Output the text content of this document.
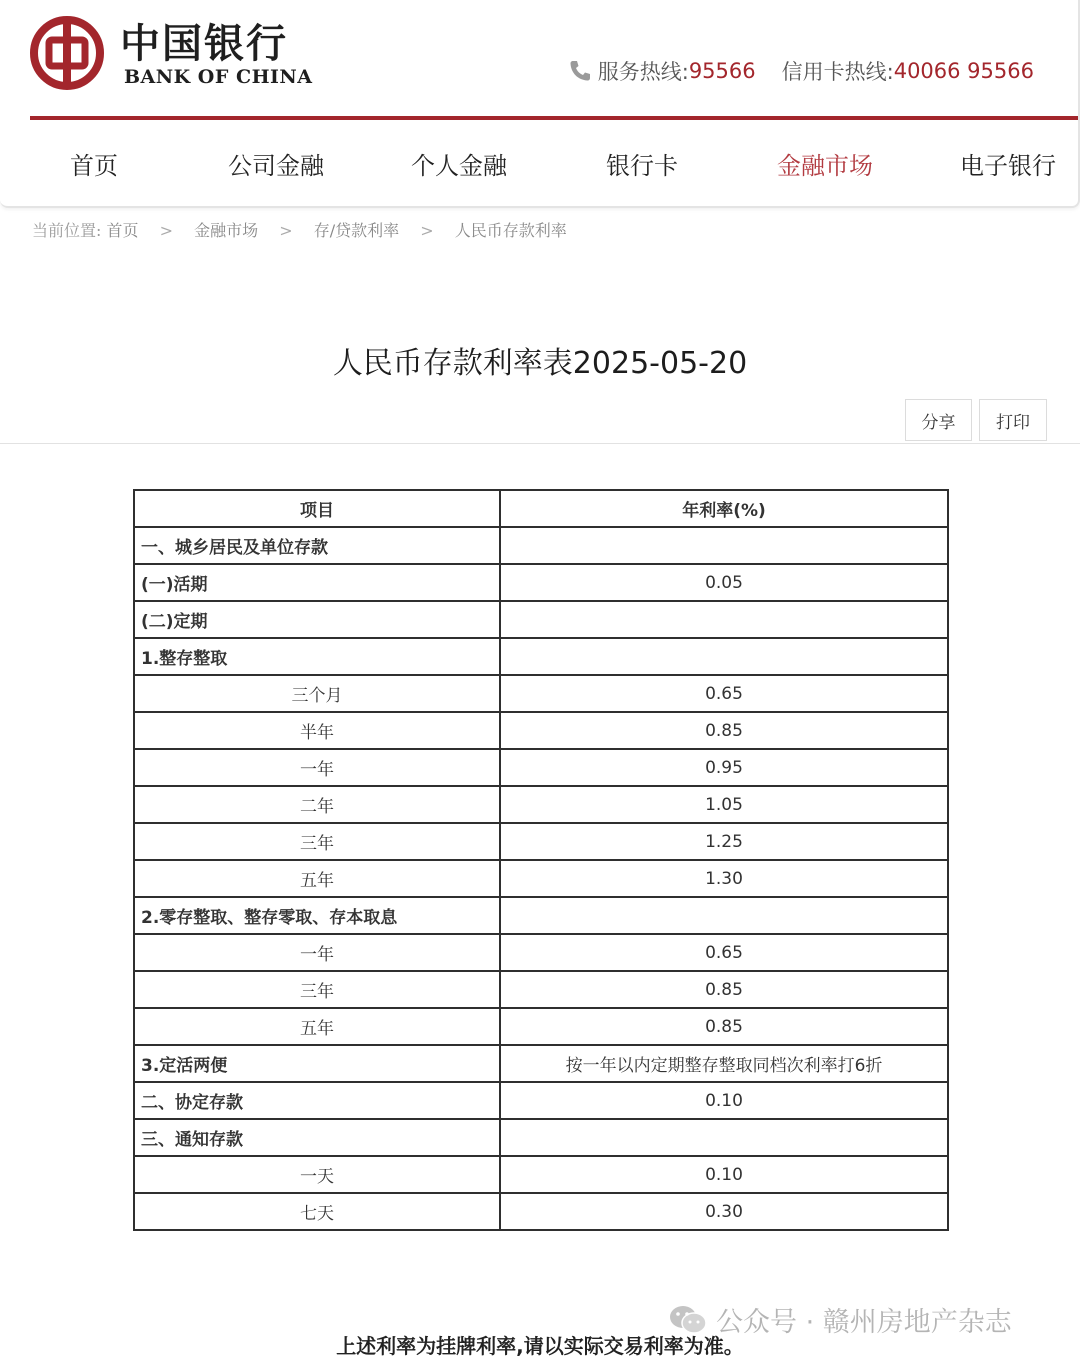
中国银行
BANK OF CHINA	服务热线: 95566 信用卡热线: 40066 95566
首页	公司金融	个人金融	银行卡	金融市场	电子银行
当前位置: 首页 > 金融市场 > 存/贷款利率 > 人民币存款利率
人民币存款利率表2025-05-20
分享	打印
项目	年利率(%)
一、城乡居民及单位存款	
(一)活期	0.05
(二)定期	
1.整存整取	
三个月	0.65
半年	0.85
一年	0.95
二年	1.05
三年	1.25
五年	1.30
2.零存整取、整存零取、存本取息	
一年	0.65
三年	0.85
五年	0.85
3.定活两便	按一年以内定期整存整取同档次利率打6折
二、协定存款	0.10
三、通知存款	
一天	0.10
七天	0.30
公众号 · 赣州房地产杂志
上述利率为挂牌利率,请以实际交易利率为准。
